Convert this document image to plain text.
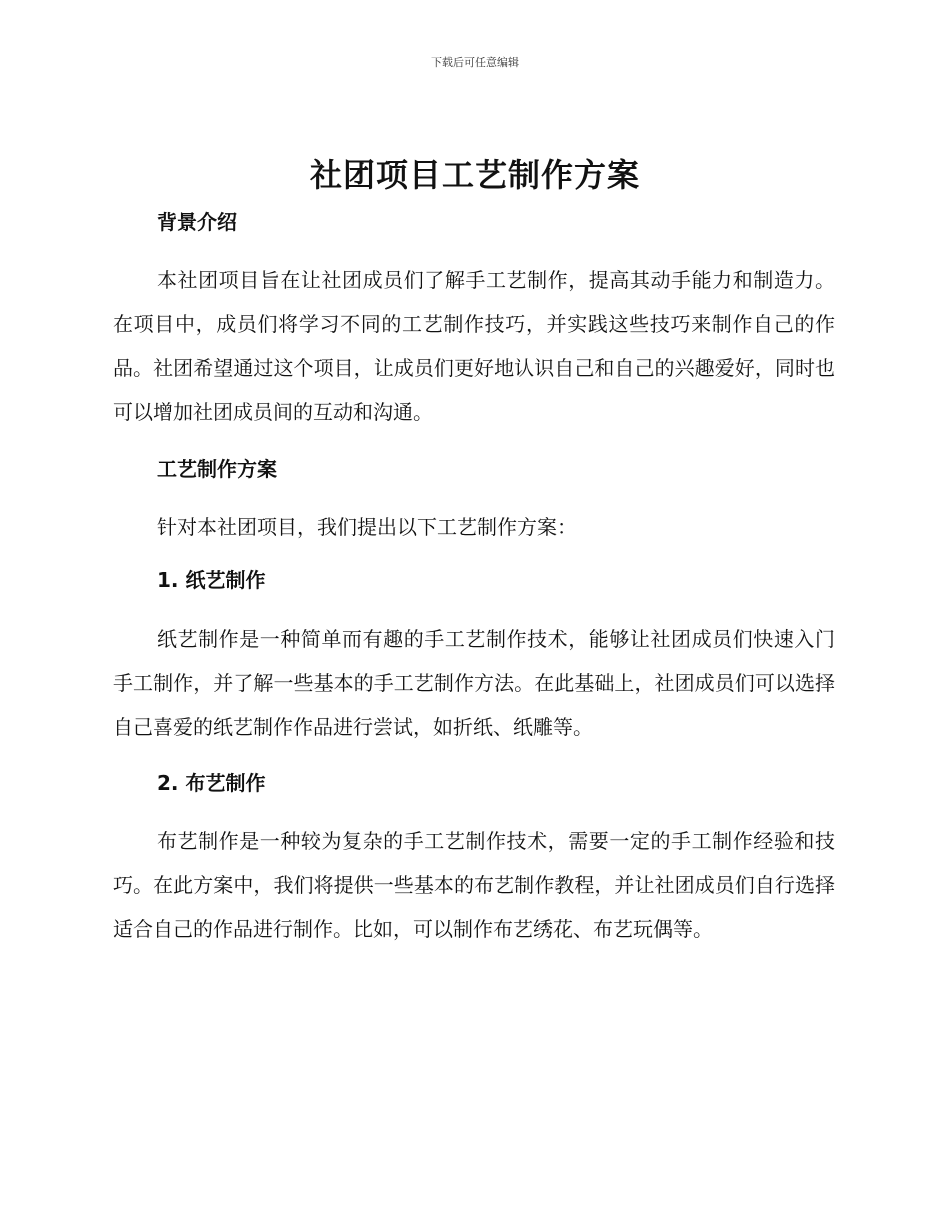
下载后可任意编辑
社团项目工艺制作方案
背景介绍

本社团项目旨在让社团成员们了解手工艺制作，提高其动手能力和制造力。在项目中，成员们将学习不同的工艺制作技巧，并实践这些技巧来制作自己的作品。社团希望通过这个项目，让成员们更好地认识自己和自己的兴趣爱好，同时也可以增加社团成员间的互动和沟通。

工艺制作方案

针对本社团项目，我们提出以下工艺制作方案：

1. 纸艺制作

纸艺制作是一种简单而有趣的手工艺制作技术，能够让社团成员们快速入门手工制作，并了解一些基本的手工艺制作方法。在此基础上，社团成员们可以选择自己喜爱的纸艺制作作品进行尝试，如折纸、纸雕等。

2. 布艺制作

布艺制作是一种较为复杂的手工艺制作技术，需要一定的手工制作经验和技巧。在此方案中，我们将提供一些基本的布艺制作教程，并让社团成员们自行选择适合自己的作品进行制作。比如，可以制作布艺绣花、布艺玩偶等。
